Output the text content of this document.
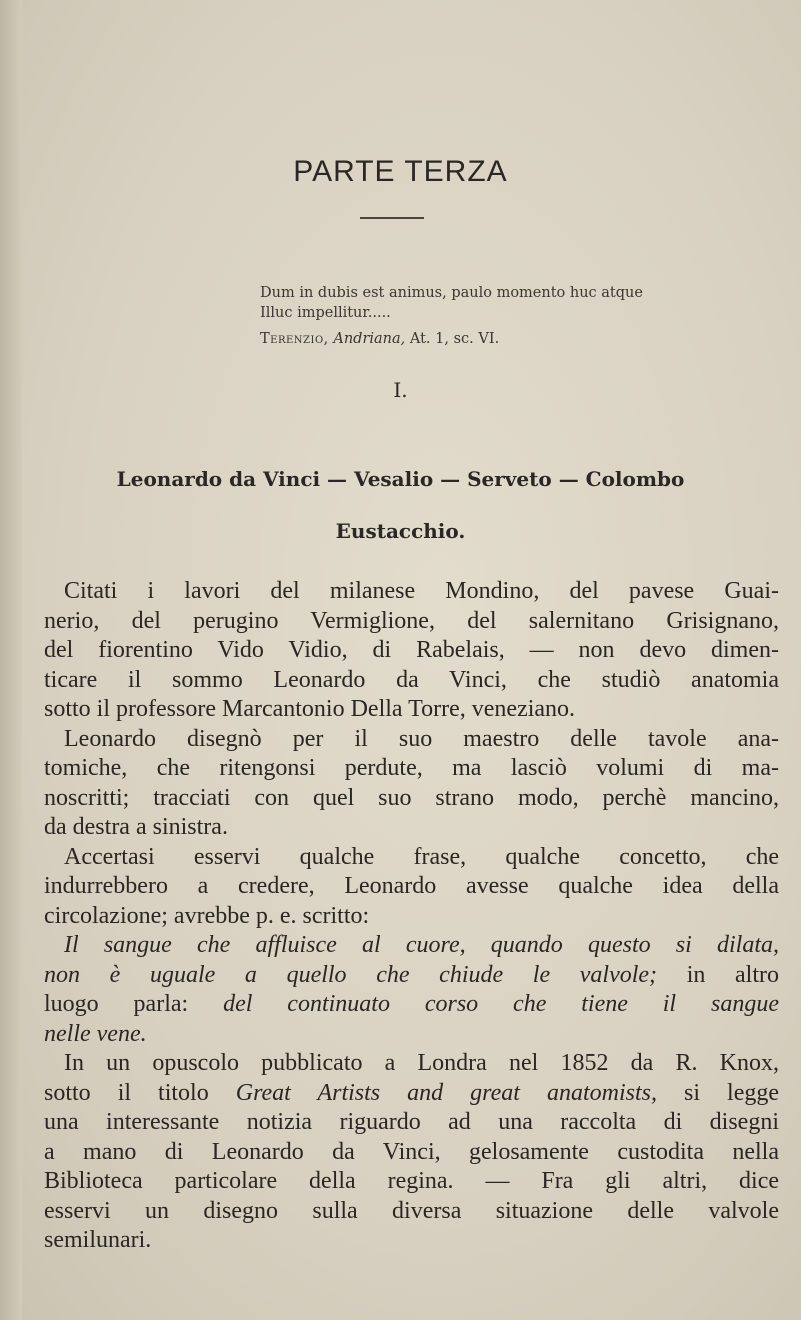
PARTE TERZA
Dum in dubis est animus, paulo momento huc atque
Illuc impellitur.....
Terenzio, Andriana, At. 1, sc. VI.
I.
Leonardo da Vinci — Vesalio — Serveto — Colombo
Eustacchio.
Citati i lavori del milanese Mondino, del pavese Guai-
nerio, del perugino Vermiglione, del salernitano Grisignano,
del fiorentino Vido Vidio, di Rabelais, — non devo dimen-
ticare il sommo Leonardo da Vinci, che studiò anatomia
sotto il professore Marcantonio Della Torre, veneziano.
Leonardo disegnò per il suo maestro delle tavole ana-
tomiche, che ritengonsi perdute, ma lasciò volumi di ma-
noscritti; tracciati con quel suo strano modo, perchè mancino,
da destra a sinistra.
Accertasi esservi qualche frase, qualche concetto, che
indurrebbero a credere, Leonardo avesse qualche idea della
circolazione; avrebbe p. e. scritto:
Il sangue che affluisce al cuore, quando questo si dilata,
non è uguale a quello che chiude le valvole; in altro
luogo parla: del continuato corso che tiene il sangue
nelle vene.
In un opuscolo pubblicato a Londra nel 1852 da R. Knox,
sotto il titolo Great Artists and great anatomists, si legge
una interessante notizia riguardo ad una raccolta di disegni
a mano di Leonardo da Vinci, gelosamente custodita nella
Biblioteca particolare della regina. — Fra gli altri, dice
esservi un disegno sulla diversa situazione delle valvole
semilunari.
